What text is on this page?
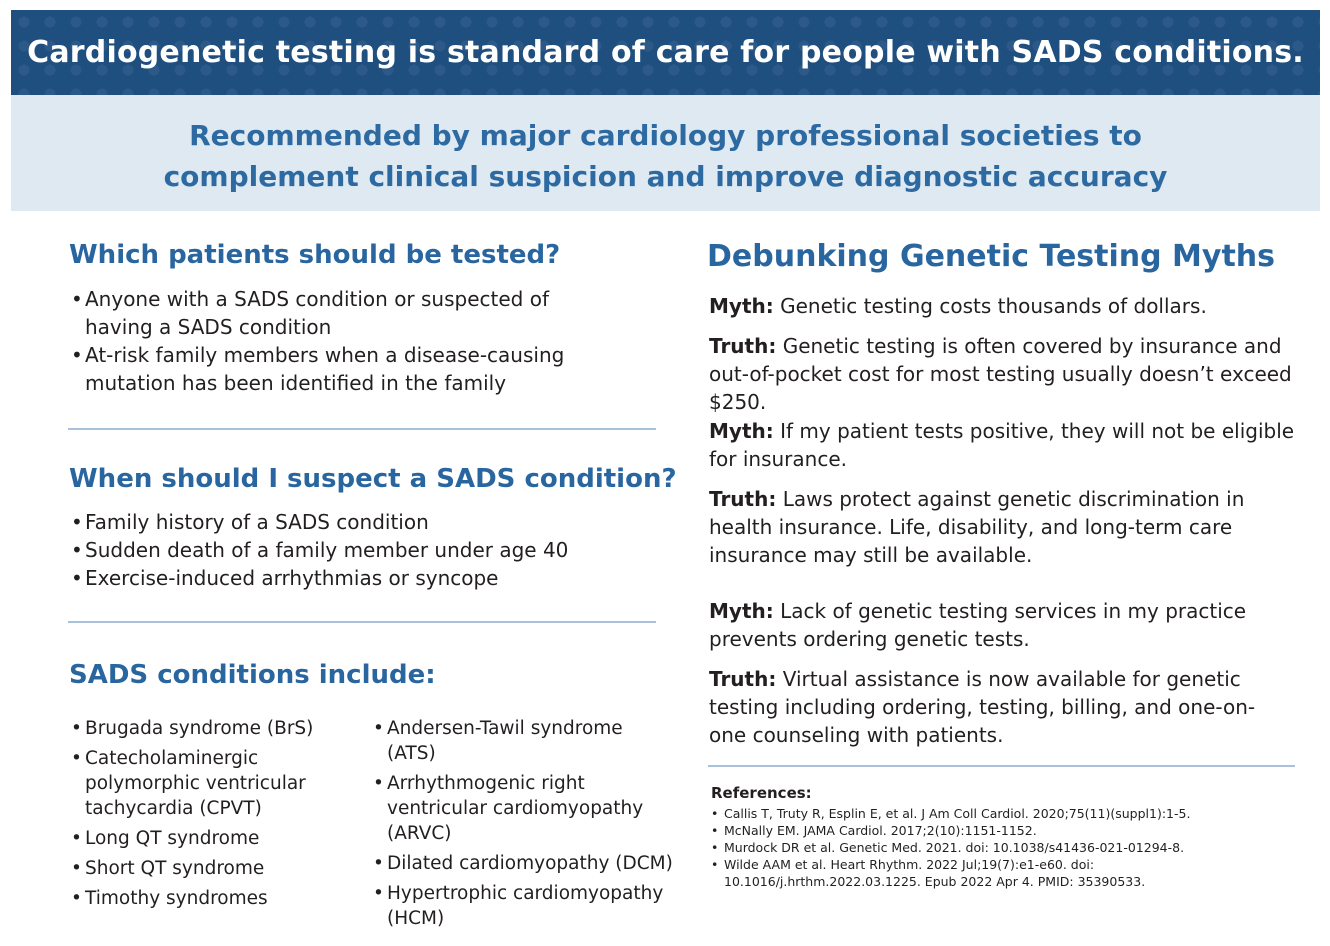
Cardiogenetic testing is standard of care for people with SADS conditions.

Recommended by major cardiology professional societies to

complement clinical suspicion and improve diagnostic accuracy

Which patients should be tested?
• Anyone with a SADS condition or suspected of having a SADS condition
• At-risk family members when a disease-causing mutation has been identified in the family
When should I suspect a SADS condition?
• Family history of a SADS condition
• Sudden death of a family member under age 40
• Exercise-induced arrhythmias or syncope
SADS conditions include:
• Brugada syndrome (BrS)
• Catecholaminergic polymorphic ventricular tachycardia (CPVT)
• Long QT syndrome
• Short QT syndrome
• Timothy syndromes
• Andersen-Tawil syndrome (ATS)
• Arrhythmogenic right ventricular cardiomyopathy (ARVC)
• Dilated cardiomyopathy (DCM)
• Hypertrophic cardiomyopathy (HCM)
Debunking Genetic Testing Myths

Myth: Genetic testing costs thousands of dollars.

Truth: Genetic testing is often covered by insurance and out-of-pocket cost for most testing usually doesn’t exceed $250.

Myth: If my patient tests positive, they will not be eligible for insurance.

Truth: Laws protect against genetic discrimination in health insurance. Life, disability, and long-term care insurance may still be available.

Myth: Lack of genetic testing services in my practice prevents ordering genetic tests.

Truth: Virtual assistance is now available for genetic testing including ordering, testing, billing, and one-on-one counseling with patients.

References:

• Callis T, Truty R, Esplin E, et al. J Am Coll Cardiol. 2020;75(11)(suppl1):1-5.
• McNally EM. JAMA Cardiol. 2017;2(10):1151-1152.
• Murdock DR et al. Genetic Med. 2021. doi: 10.1038/s41436-021-01294-8.
• Wilde AAM et al. Heart Rhythm. 2022 Jul;19(7):e1-e60. doi: 10.1016/j.hrthm.2022.03.1225. Epub 2022 Apr 4. PMID: 35390533.
